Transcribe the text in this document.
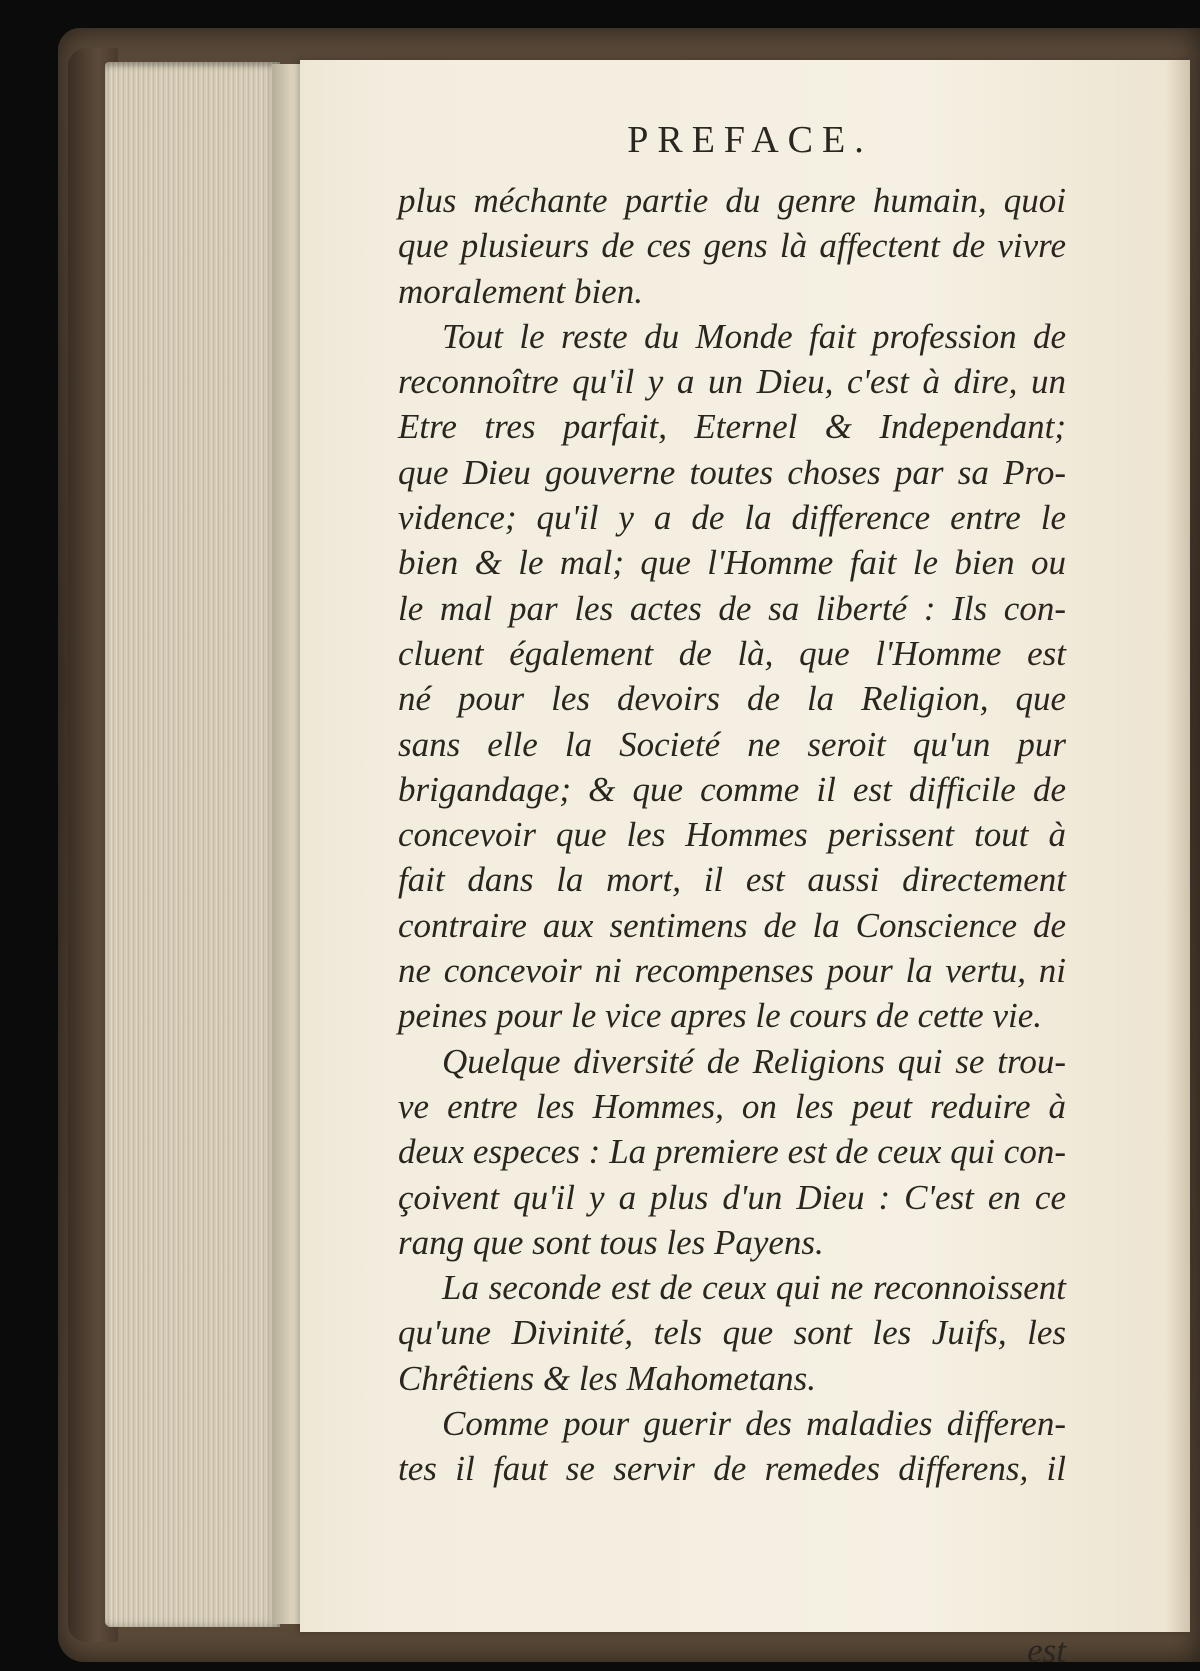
PREFACE.
plus méchante partie du genre humain, quoi
que plusieurs de ces gens là affectent de vivre
moralement bien.
Tout le reste du Monde fait profession de
reconnoître qu'il y a un Dieu, c'est à dire, un
Etre tres parfait, Eternel & Independant;
que Dieu gouverne toutes choses par sa Pro-
vidence; qu'il y a de la difference entre le
bien & le mal; que l'Homme fait le bien ou
le mal par les actes de sa liberté : Ils con-
cluent également de là, que l'Homme est
né pour les devoirs de la Religion, que
sans elle la Societé ne seroit qu'un pur
brigandage; & que comme il est difficile de
concevoir que les Hommes perissent tout à
fait dans la mort, il est aussi directement
contraire aux sentimens de la Conscience de
ne concevoir ni recompenses pour la vertu, ni
peines pour le vice apres le cours de cette vie.
Quelque diversité de Religions qui se trou-
ve entre les Hommes, on les peut reduire à
deux especes : La premiere est de ceux qui con-
çoivent qu'il y a plus d'un Dieu : C'est en ce
rang que sont tous les Payens.
La seconde est de ceux qui ne reconnoissent
qu'une Divinité, tels que sont les Juifs, les
Chrêtiens & les Mahometans.
Comme pour guerir des maladies differen-
tes il faut se servir de remedes differens, il
est
